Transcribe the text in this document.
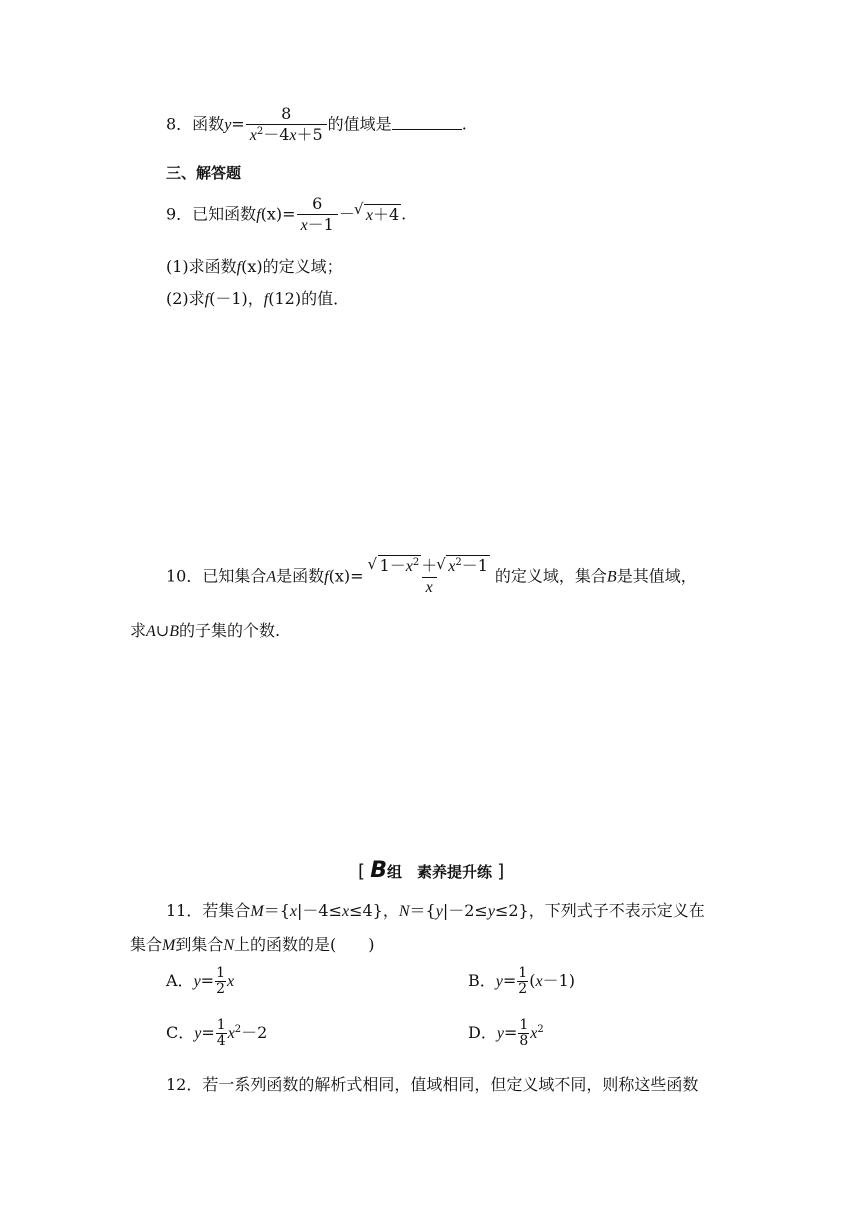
8．函数$y= \frac{8}{x^2-4x+5}$ 的值域是	.
三、解答题
9．已知函数$f(x)= \frac{6}{x-1}$ － √ x＋4 .
(1)求函数f(x)的定义域；
(2)求f(－1)，f(12)的值．
10．已知集合A是函数f(x)= √ $\frac{1-x^2 + √ x^2-1}{x}$ 的定义域，集合B是其值域，
求A∪B的子集的个数.
[ B组　素养提升练 ]
11．若集合M＝{x|－4≤x≤4}，N＝{y|－2≤y≤2}，下列式子不表示定义在
集合M到集合N上的函数的是( )
A．$y= \frac{1}{2}$ x	B．$y= \frac{1}{2} (x-1)$
C．$y= \frac{1}{4} x^2-2$	D．$y= \frac{1}{8} x^2$
12．若一系列函数的解析式相同，值域相同，但定义域不同，则称这些函数
